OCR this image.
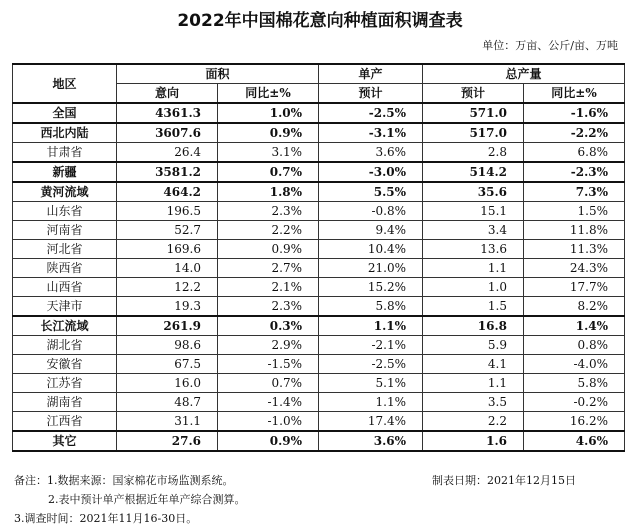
2022年中国棉花意向种植面积调查表
单位：万亩、公斤/亩、万吨
地区	面积		单产	总产量	
	意向	同比±%	预计	预计	同比±%
全国	4361.3	1.0%	-2.5%	571.0	-1.6%
西北内陆	3607.6	0.9%	-3.1%	517.0	-2.2%
甘肃省	26.4	3.1%	3.6%	2.8	6.8%
新疆	3581.2	0.7%	-3.0%	514.2	-2.3%
黄河流域	464.2	1.8%	5.5%	35.6	7.3%
山东省	196.5	2.3%	-0.8%	15.1	1.5%
河南省	52.7	2.2%	9.4%	3.4	11.8%
河北省	169.6	0.9%	10.4%	13.6	11.3%
陕西省	14.0	2.7%	21.0%	1.1	24.3%
山西省	12.2	2.1%	15.2%	1.0	17.7%
天津市	19.3	2.3%	5.8%	1.5	8.2%
长江流域	261.9	0.3%	1.1%	16.8	1.4%
湖北省	98.6	2.9%	-2.1%	5.9	0.8%
安徽省	67.5	-1.5%	-2.5%	4.1	-4.0%
江苏省	16.0	0.7%	5.1%	1.1	5.8%
湖南省	48.7	-1.4%	1.1%	3.5	-0.2%
江西省	31.1	-1.0%	17.4%	2.2	16.2%
其它	27.6	0.9%	3.6%	1.6	4.6%
备注：1.数据来源：国家棉花市场监测系统。	制表日期：2021年12月15日
2.表中预计单产根据近年单产综合测算。
3.调查时间：2021年11月16-30日。
